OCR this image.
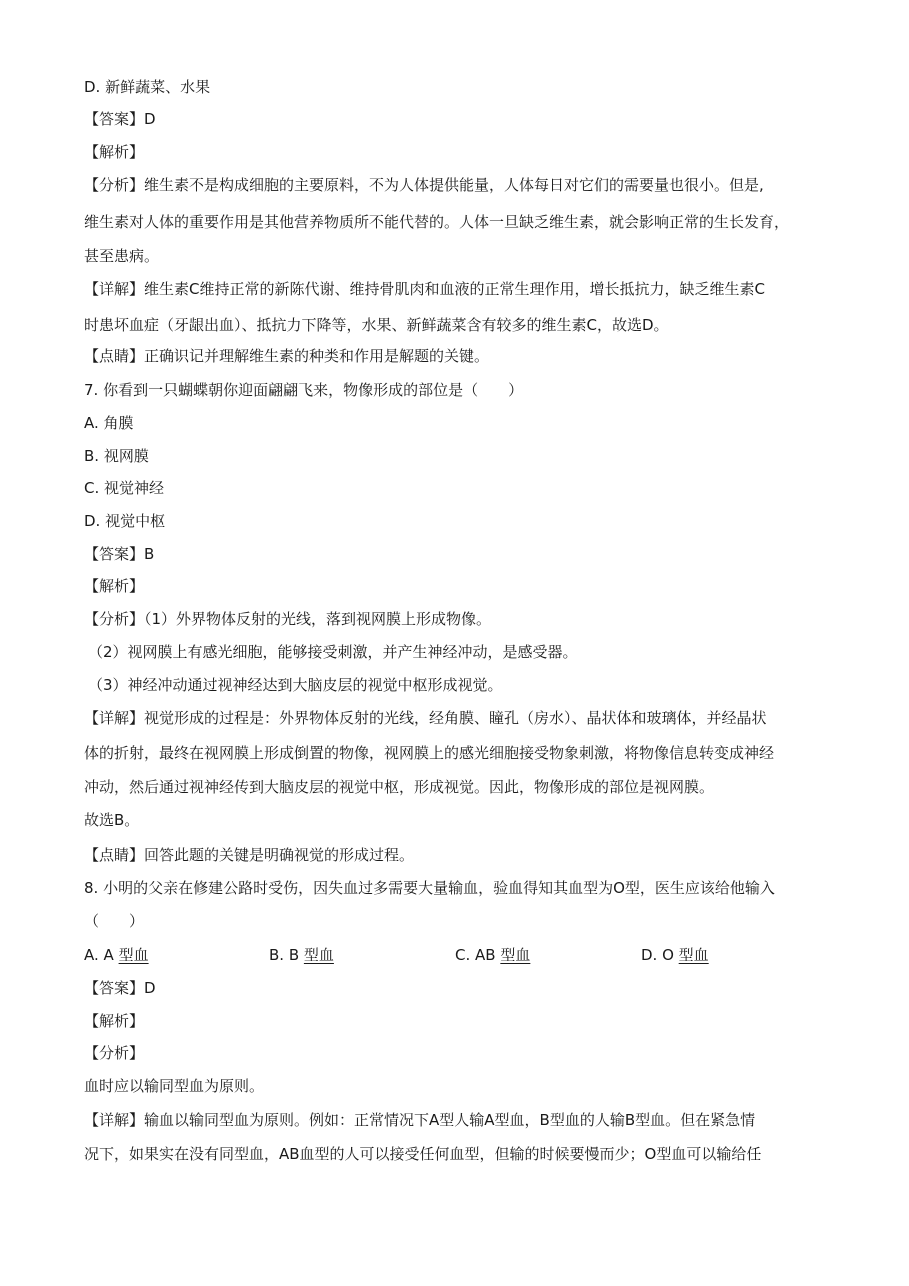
D. 新鲜蔬菜、水果
【答案】D
【解析】
【分析】维生素不是构成细胞的主要原料，不为人体提供能量，人体每日对它们的需要量也很小。但是,
维生素对人体的重要作用是其他营养物质所不能代替的。人体一旦缺乏维生素，就会影响正常的生长发育，
甚至患病。
【详解】维生素C维持正常的新陈代谢、维持骨肌肉和血液的正常生理作用，增长抵抗力，缺乏维生素C
时患坏血症（牙龈出血）、抵抗力下降等，水果、新鲜蔬菜含有较多的维生素C，故选D。
【点睛】正确识记并理解维生素的种类和作用是解题的关键。
7. 你看到一只蝴蝶朝你迎面翩翩飞来，物像形成的部位是（　　）
A. 角膜
B. 视网膜
C. 视觉神经
D. 视觉中枢
【答案】B
【解析】
【分析】（1）外界物体反射的光线，落到视网膜上形成物像。
（2）视网膜上有感光细胞，能够接受刺激，并产生神经冲动，是感受器。
（3）神经冲动通过视神经达到大脑皮层的视觉中枢形成视觉。
【详解】视觉形成的过程是：外界物体反射的光线，经角膜、瞳孔（房水）、晶状体和玻璃体，并经晶状
体的折射，最终在视网膜上形成倒置的物像，视网膜上的感光细胞接受物象刺激，将物像信息转变成神经
冲动，然后通过视神经传到大脑皮层的视觉中枢，形成视觉。因此，物像形成的部位是视网膜。
故选B。
【点睛】回答此题的关键是明确视觉的形成过程。
8. 小明的父亲在修建公路时受伤，因失血过多需要大量输血，验血得知其血型为O型，医生应该给他输入
（　　）
A. A 型血	B. B 型血	C. AB 型血	D. O 型血
【答案】D
【解析】
【分析】
血时应以输同型血为原则。
【详解】输血以输同型血为原则。例如：正常情况下A型人输A型血，B型血的人输B型血。但在紧急情
况下，如果实在没有同型血，AB血型的人可以接受任何血型，但输的时候要慢而少；O型血可以输给任
